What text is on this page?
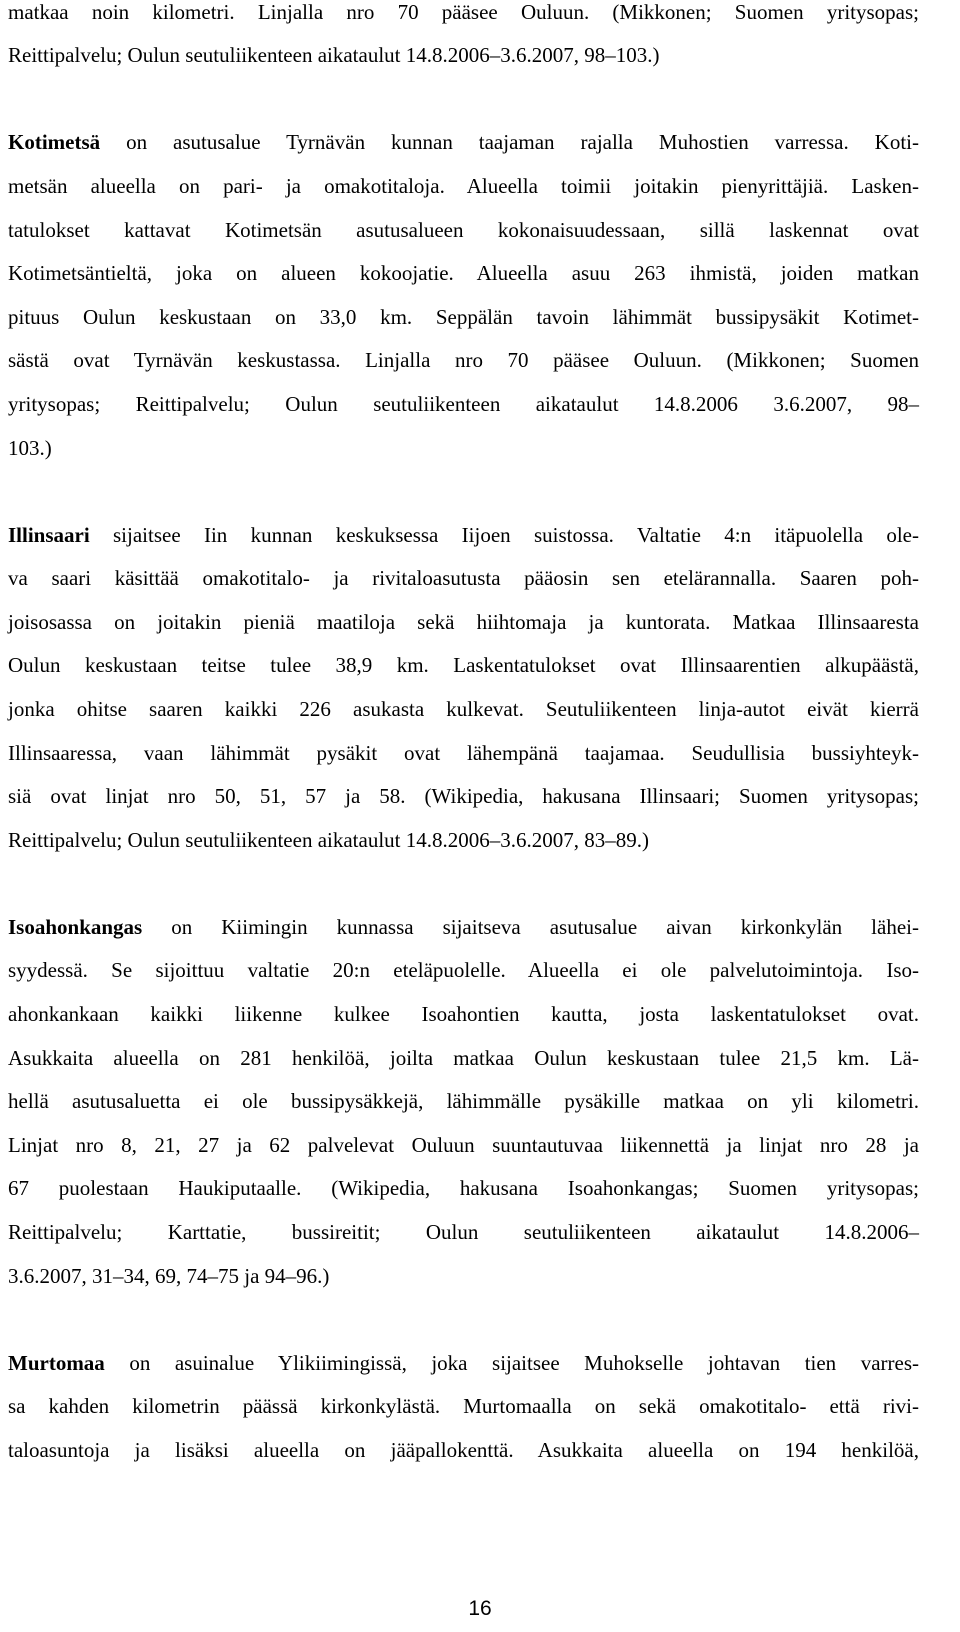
matkaa noin kilometri. Linjalla nro 70 pääsee Ouluun. (Mikkonen; Suomen yritysopas;
Reittipalvelu; Oulun seutuliikenteen aikataulut 14.8.2006–3.6.2007, 98–103.)
Kotimetsä on asutusalue Tyrnävän kunnan taajaman rajalla Muhostien varressa. Koti-
metsän alueella on pari- ja omakotitaloja. Alueella toimii joitakin pienyrittäjiä. Lasken-
tatulokset kattavat Kotimetsän asutusalueen kokonaisuudessaan, sillä laskennat ovat
Kotimetsäntieltä, joka on alueen kokoojatie. Alueella asuu 263 ihmistä, joiden matkan
pituus Oulun keskustaan on 33,0 km. Seppälän tavoin lähimmät bussipysäkit Kotimet-
sästä ovat Tyrnävän keskustassa. Linjalla nro 70 pääsee Ouluun. (Mikkonen; Suomen
yritysopas; Reittipalvelu; Oulun seutuliikenteen aikataulut 14.8.2006 3.6.2007, 98–
103.)
Illinsaari sijaitsee Iin kunnan keskuksessa Iijoen suistossa. Valtatie 4:n itäpuolella ole-
va saari käsittää omakotitalo- ja rivitaloasutusta pääosin sen etelärannalla. Saaren poh-
joisosassa on joitakin pieniä maatiloja sekä hiihtomaja ja kuntorata. Matkaa Illinsaaresta
Oulun keskustaan teitse tulee 38,9 km. Laskentatulokset ovat Illinsaarentien alkupäästä,
jonka ohitse saaren kaikki 226 asukasta kulkevat. Seutuliikenteen linja-autot eivät kierrä
Illinsaaressa, vaan lähimmät pysäkit ovat lähempänä taajamaa. Seudullisia bussiyhteyk-
siä ovat linjat nro 50, 51, 57 ja 58. (Wikipedia, hakusana Illinsaari; Suomen yritysopas;
Reittipalvelu; Oulun seutuliikenteen aikataulut 14.8.2006–3.6.2007, 83–89.)
Isoahonkangas on Kiimingin kunnassa sijaitseva asutusalue aivan kirkonkylän lähei-
syydessä. Se sijoittuu valtatie 20:n eteläpuolelle. Alueella ei ole palvelutoimintoja. Iso-
ahonkankaan kaikki liikenne kulkee Isoahontien kautta, josta laskentatulokset ovat.
Asukkaita alueella on 281 henkilöä, joilta matkaa Oulun keskustaan tulee 21,5 km. Lä-
hellä asutusaluetta ei ole bussipysäkkejä, lähimmälle pysäkille matkaa on yli kilometri.
Linjat nro 8, 21, 27 ja 62 palvelevat Ouluun suuntautuvaa liikennettä ja linjat nro 28 ja
67 puolestaan Haukiputaalle. (Wikipedia, hakusana Isoahonkangas; Suomen yritysopas;
Reittipalvelu; Karttatie, bussireitit; Oulun seutuliikenteen aikataulut 14.8.2006–
3.6.2007, 31–34, 69, 74–75 ja 94–96.)
Murtomaa on asuinalue Ylikiimingissä, joka sijaitsee Muhokselle johtavan tien varres-
sa kahden kilometrin päässä kirkonkylästä. Murtomaalla on sekä omakotitalo- että rivi-
taloasuntoja ja lisäksi alueella on jääpallokenttä. Asukkaita alueella on 194 henkilöä,
16
